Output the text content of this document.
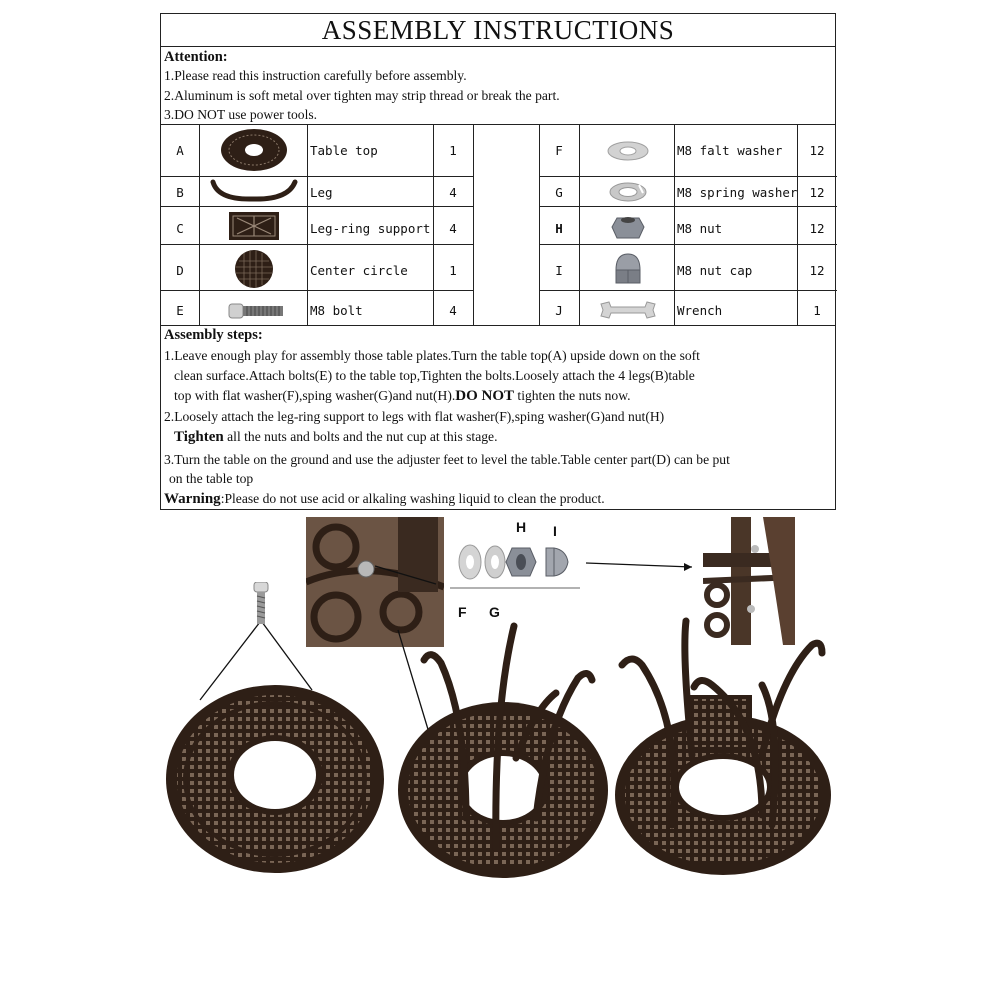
ASSEMBLY INSTRUCTIONS
Attention:
1.Please read this instruction carefully before assembly.
2.Aluminum is soft metal over tighten may strip thread or break the part.
3.DO NOT use power tools.
A	Table top	1
B	Leg	4
C	Leg-ring support	4
D	Center circle	1
E	M8 bolt	4
F	M8 falt washer	12
G	M8 spring washer 12
H	M8 nut	12
I	M8 nut cap	12
J	Wrench	1
Assembly steps:
1.Leave enough play for assembly those table plates.Turn the table top(A) upside down on the soft
clean surface.Attach bolts(E) to the table top,Tighten the bolts.Loosely attach the 4 legs(B)table
top with flat washer(F),sping washer(G)and nut(H).DO NOT tighten the nuts now.
2.Loosely attach the leg-ring support to legs with flat washer(F),sping washer(G)and nut(H)
Tighten all the nuts and bolts and the nut cup at this stage.
3.Turn the table on the ground and use the adjuster feet to level the table.Table center part(D) can be put
on the table top
Warning:Please do not use acid or alkaling washing liquid to clean the product.
H I
F G
